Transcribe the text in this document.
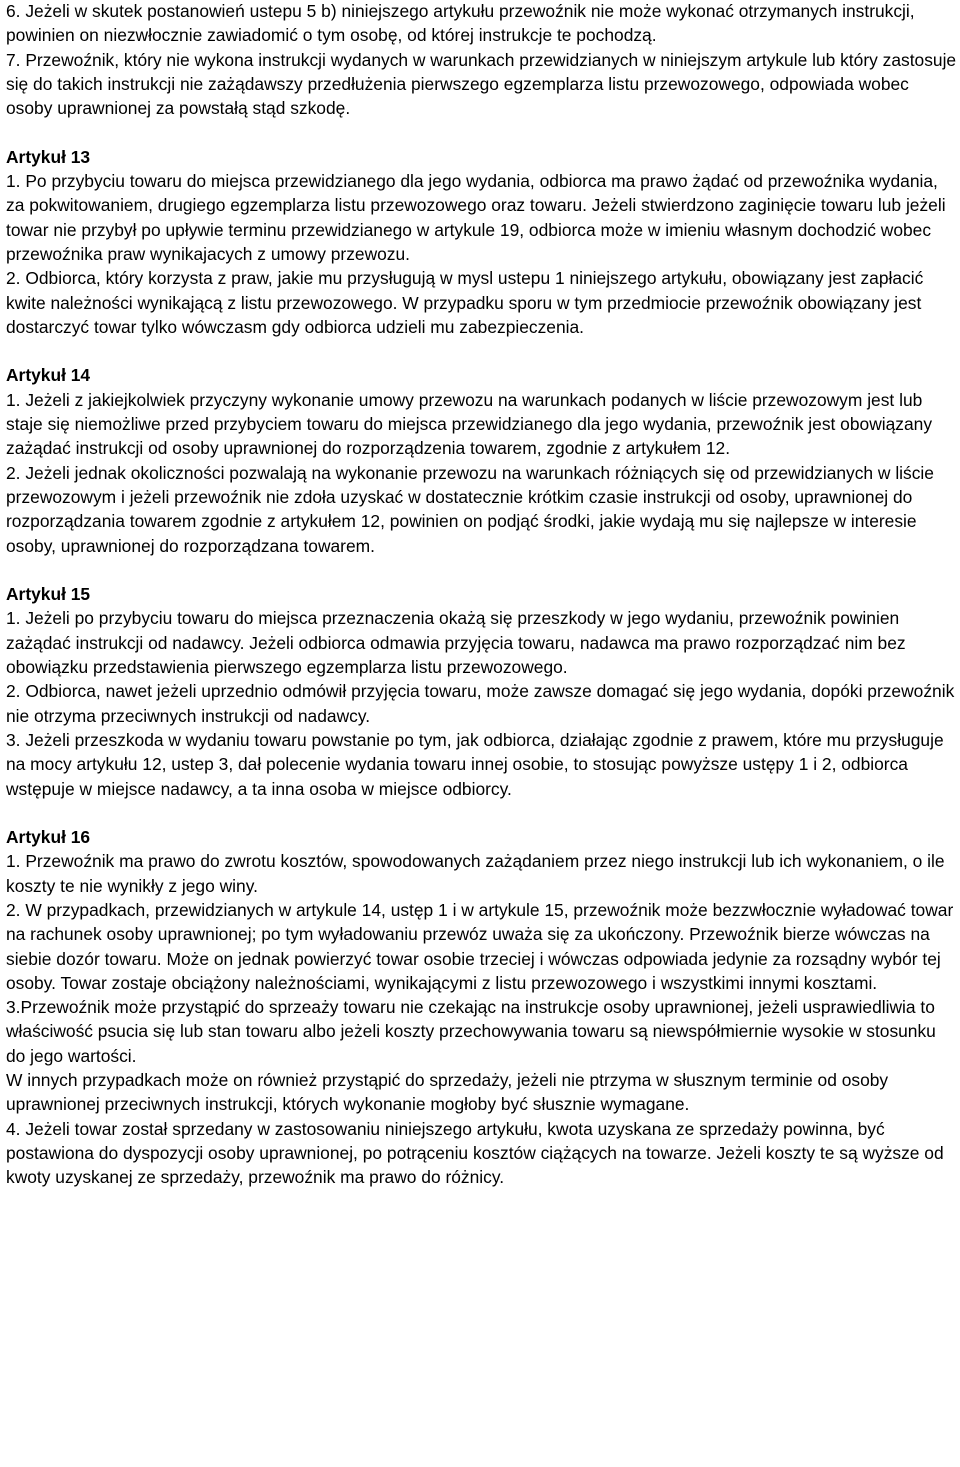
6. Jeżeli w skutek postanowień ustepu 5 b) niniejszego artykułu przewoźnik nie może wykonać otrzymanych instrukcji, powinien on niezwłocznie zawiadomić o tym osobę, od której instrukcje te pochodzą.

7. Przewoźnik, który nie wykona instrukcji wydanych w warunkach przewidzianych w niniejszym artykule lub który zastosuje się do takich instrukcji nie zażądawszy przedłużenia pierwszego egzemplarza listu przewozowego, odpowiada wobec osoby uprawnionej za powstałą stąd szkodę.

Artykuł 13

1. Po przybyciu towaru do miejsca przewidzianego dla jego wydania, odbiorca ma prawo żądać od przewoźnika wydania, za pokwitowaniem, drugiego egzemplarza listu przewozowego oraz towaru. Jeżeli stwierdzono zaginięcie towaru lub jeżeli towar nie przybył po upływie terminu przewidzianego w artykule 19, odbiorca może w imieniu własnym dochodzić wobec przewoźnika praw wynikajacych z umowy przewozu.

2. Odbiorca, który korzysta z praw, jakie mu przysługują w mysl ustepu 1 niniejszego artykułu, obowiązany jest zapłacić kwite należności wynikającą z listu przewozowego. W przypadku sporu w tym przedmiocie przewoźnik obowiązany jest dostarczyć towar tylko wówczasm gdy odbiorca udzieli mu zabezpieczenia.

Artykuł 14

1. Jeżeli z jakiejkolwiek przyczyny wykonanie umowy przewozu na warunkach podanych w liście przewozowym jest lub staje się niemożliwe przed przybyciem towaru do miejsca przewidzianego dla jego wydania, przewoźnik jest obowiązany zażądać instrukcji od osoby uprawnionej do rozporządzenia towarem, zgodnie z artykułem 12.

2. Jeżeli jednak okoliczności pozwalają na wykonanie przewozu na warunkach różniących się od przewidzianych w liście przewozowym i jeżeli przewoźnik nie zdoła uzyskać w dostatecznie krótkim czasie instrukcji od osoby, uprawnionej do rozporządzania towarem zgodnie z artykułem 12, powinien on podjąć środki, jakie wydają mu się najlepsze w interesie osoby, uprawnionej do rozporządzana towarem.

Artykuł 15

1. Jeżeli po przybyciu towaru do miejsca przeznaczenia okażą się przeszkody w jego wydaniu, przewoźnik powinien zażądać instrukcji od nadawcy. Jeżeli odbiorca odmawia przyjęcia towaru, nadawca ma prawo rozporządzać nim bez obowiązku przedstawienia pierwszego egzemplarza listu przewozowego.

2. Odbiorca, nawet jeżeli uprzednio odmówił przyjęcia towaru, może zawsze domagać się jego wydania, dopóki przewoźnik nie otrzyma przeciwnych instrukcji od nadawcy.

3. Jeżeli przeszkoda w wydaniu towaru powstanie po tym, jak odbiorca, działając zgodnie z prawem, które mu przysługuje na mocy artykułu 12, ustep 3, dał polecenie wydania towaru innej osobie, to stosując powyższe ustępy 1 i 2, odbiorca wstępuje w miejsce nadawcy, a ta inna osoba w miejsce odbiorcy.

Artykuł 16

1. Przewoźnik ma prawo do zwrotu kosztów, spowodowanych zażądaniem przez niego instrukcji lub ich wykonaniem, o ile koszty te nie wynikły z jego winy.

2. W przypadkach, przewidzianych w artykule 14, ustęp 1 i w artykule 15, przewoźnik może bezzwłocznie wyładować towar na rachunek osoby uprawnionej; po tym wyładowaniu przewóz uważa się za ukończony. Przewoźnik bierze wówczas na siebie dozór towaru. Może on jednak powierzyć towar osobie trzeciej i wówczas odpowiada jedynie za rozsądny wybór tej osoby. Towar zostaje obciążony należnościami, wynikającymi z listu przewozowego i wszystkimi innymi kosztami.

3.Przewoźnik może przystąpić do sprzeaży towaru nie czekając na instrukcje osoby uprawnionej, jeżeli usprawiedliwia to właściwość psucia się lub stan towaru albo jeżeli koszty przechowywania towaru są niewspółmiernie wysokie w stosunku do jego wartości.

W innych przypadkach może on również przystąpić do sprzedaży, jeżeli nie ptrzyma w słusznym terminie od osoby uprawnionej przeciwnych instrukcji, których wykonanie mogłoby być słusznie wymagane.

4. Jeżeli towar został sprzedany w zastosowaniu niniejszego artykułu, kwota uzyskana ze sprzedaży powinna, być postawiona do dyspozycji osoby uprawnionej, po potrąceniu kosztów ciążących na towarze. Jeżeli koszty te są wyższe od kwoty uzyskanej ze sprzedaży, przewoźnik ma prawo do różnicy.
